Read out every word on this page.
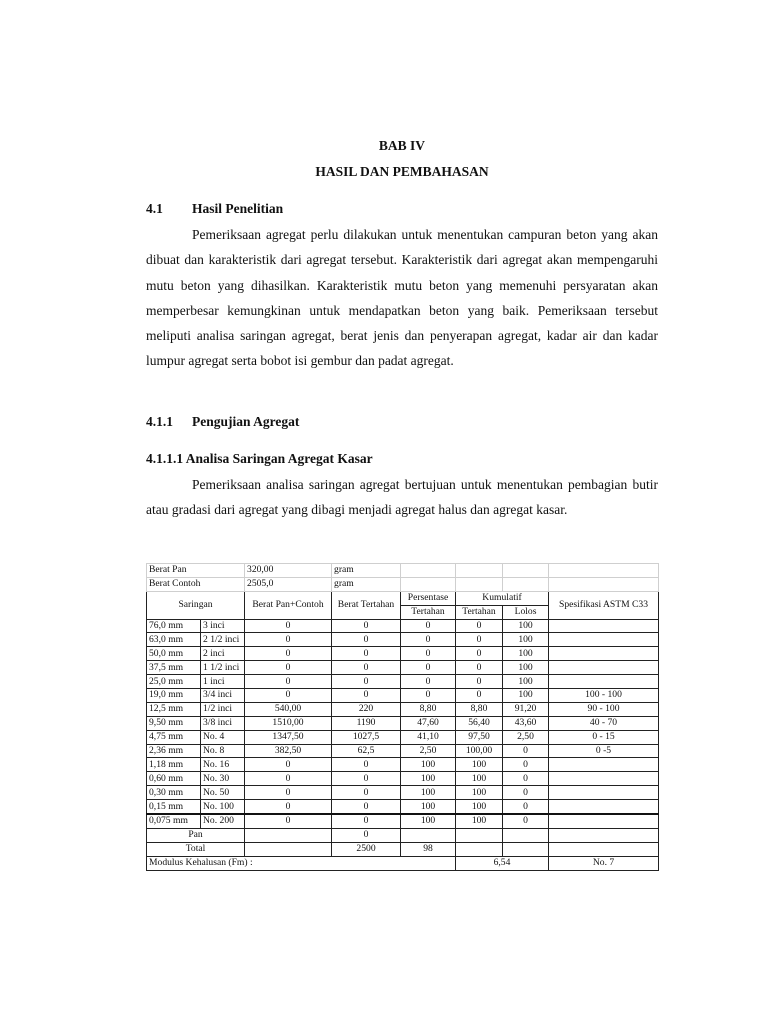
BAB IV
HASIL DAN PEMBAHASAN
4.1 Hasil Penelitian
Pemeriksaan agregat perlu dilakukan untuk menentukan campuran beton yang akan dibuat dan karakteristik dari agregat tersebut. Karakteristik dari agregat akan mempengaruhi mutu beton yang dihasilkan. Karakteristik mutu beton yang memenuhi persyaratan akan memperbesar kemungkinan untuk mendapatkan beton yang baik. Pemeriksaan tersebut meliputi analisa saringan agregat, berat jenis dan penyerapan agregat, kadar air dan kadar lumpur agregat serta bobot isi gembur dan padat agregat.
4.1.1 Pengujian Agregat
4.1.1.1 Analisa Saringan Agregat Kasar
Pemeriksaan analisa saringan agregat bertujuan untuk menentukan pembagian butir atau gradasi dari agregat yang dibagi menjadi agregat halus dan agregat kasar.
Berat Pan		320,00	gram				
Berat Contoh		2505,0	gram				
Saringan		Berat Pan+Contoh	Berat Tertahan	Persentase	Kumulatif		Spesifikasi ASTM C33
				Tertahan	Tertahan	Lolos	
76,0 mm	3 inci	0	0	0	0	100	
63,0 mm	2 1/2 inci	0	0	0	0	100	
50,0 mm	2 inci	0	0	0	0	100	
37,5 mm	1 1/2 inci	0	0	0	0	100	
25,0 mm	1 inci	0	0	0	0	100	
19,0 mm	3/4 inci	0	0	0	0	100	100 - 100
12,5 mm	1/2 inci	540,00	220	8,80	8,80	91,20	90 - 100
9,50 mm	3/8 inci	1510,00	1190	47,60	56,40	43,60	40 - 70
4,75 mm	No. 4	1347,50	1027,5	41,10	97,50	2,50	0 - 15
2,36 mm	No. 8	382,50	62,5	2,50	100,00	0	0 -5
1,18 mm	No. 16	0	0	100	100	0	
0,60 mm	No. 30	0	0	100	100	0	
0,30 mm	No. 50	0	0	100	100	0	
0,15 mm	No. 100	0	0	100	100	0	
0,075 mm	No. 200	0	0	100	100	0	
Pan			0				
Total			2500	98			
Modulus Kehalusan (Fm) :					6,54		No. 7
